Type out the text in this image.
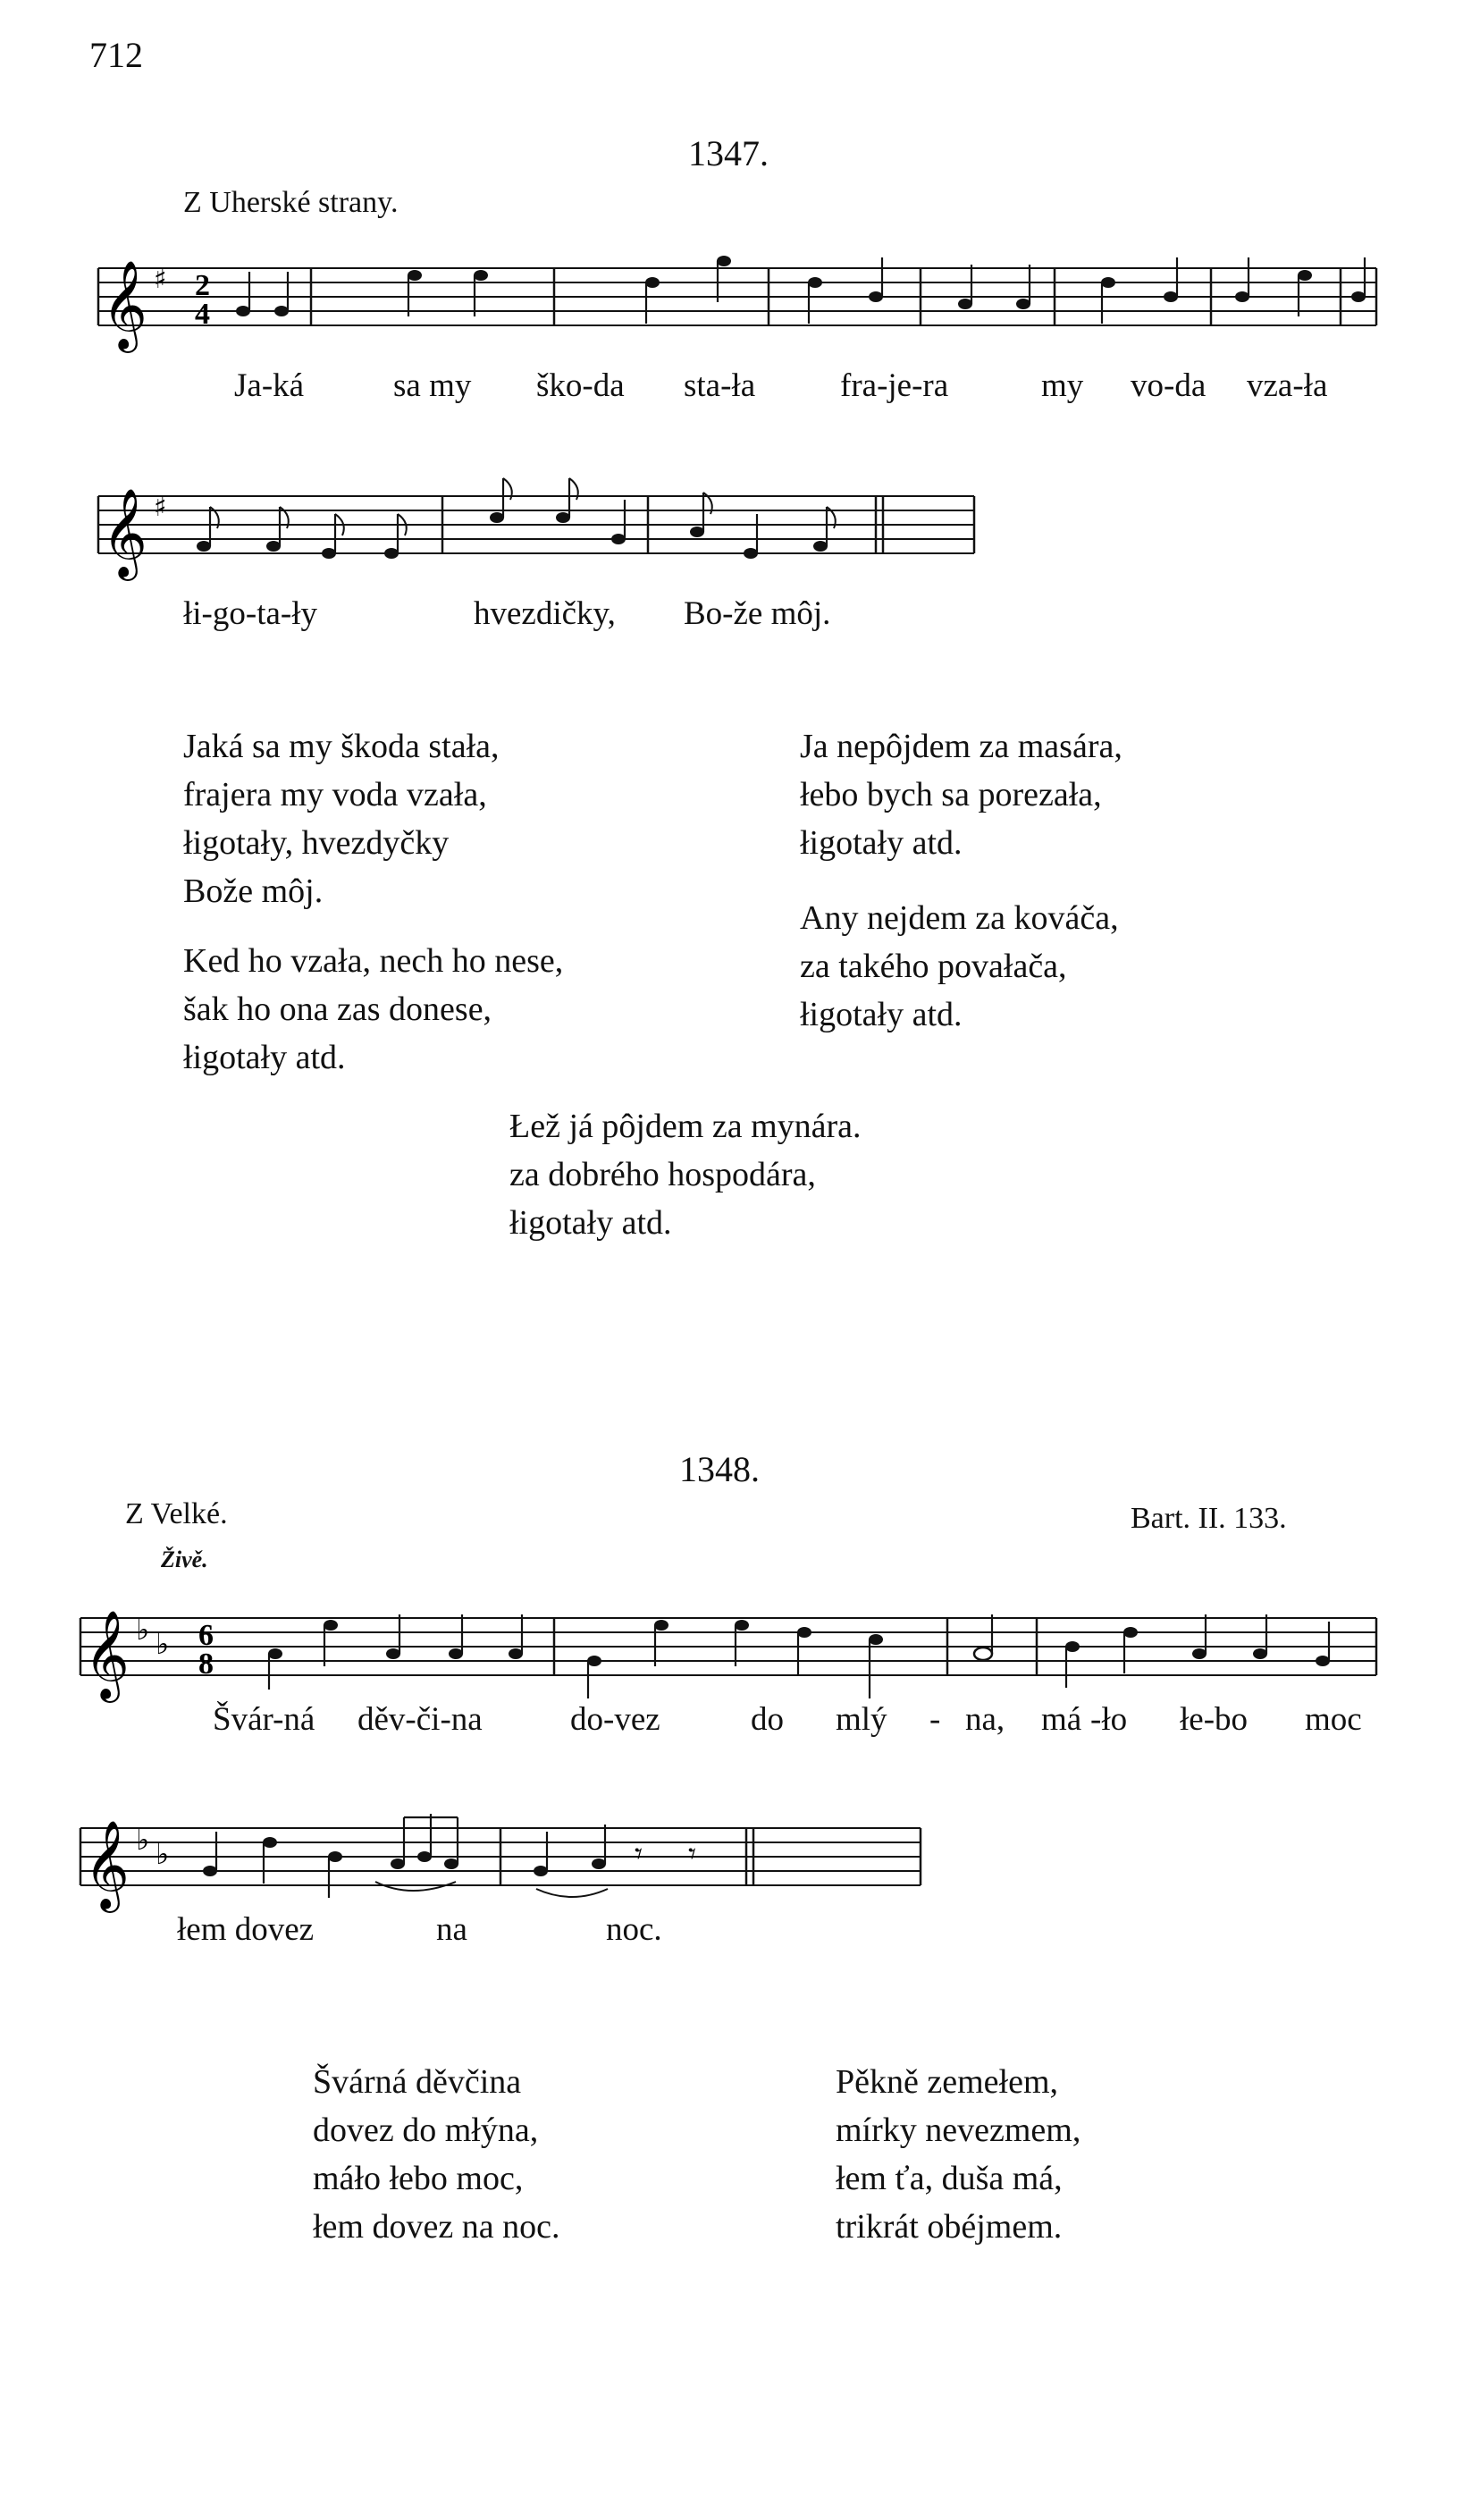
712
1347.
Z Uherské strany.
𝄞 ♯ 2
4
Ja-ká	sa my ško-da sta-ła	fra-je-ra	my vo-da vza-ła
𝄞 ♯
łi-go-ta-ły	hvezdičky, Bo-že môj.
Jaká sa my škoda stała,
frajera my voda vzała,
łigotały, hvezdyčky
Bože môj.
Ked ho vzała, nech ho nese,
šak ho ona zas donese,
łigotały atd.
Ja nepôjdem za masára,
łebo bych sa porezała,
łigotały atd.
Any nejdem za kováča,
za takého povałača,
łigotały atd.
Łež já pôjdem za mynára.
za dobrého hospodára,
łigotały atd.
1348.
Z Velké.	Bart. II. 133.
Živě.
𝄞 ♭ ♭ 6
8
Švár-ná děv-či-na	do-vez	do mlý - na, má -ło łe-bo moc
𝄞 ♭ ♭	𝄾 𝄾
łem dovez	na	noc.
Švárná děvčina
dovez do młýna,
máło łebo moc,
łem dovez na noc.
Pěkně zemełem,
mírky nevezmem,
łem ťa, duša má,
trikrát obéjmem.
